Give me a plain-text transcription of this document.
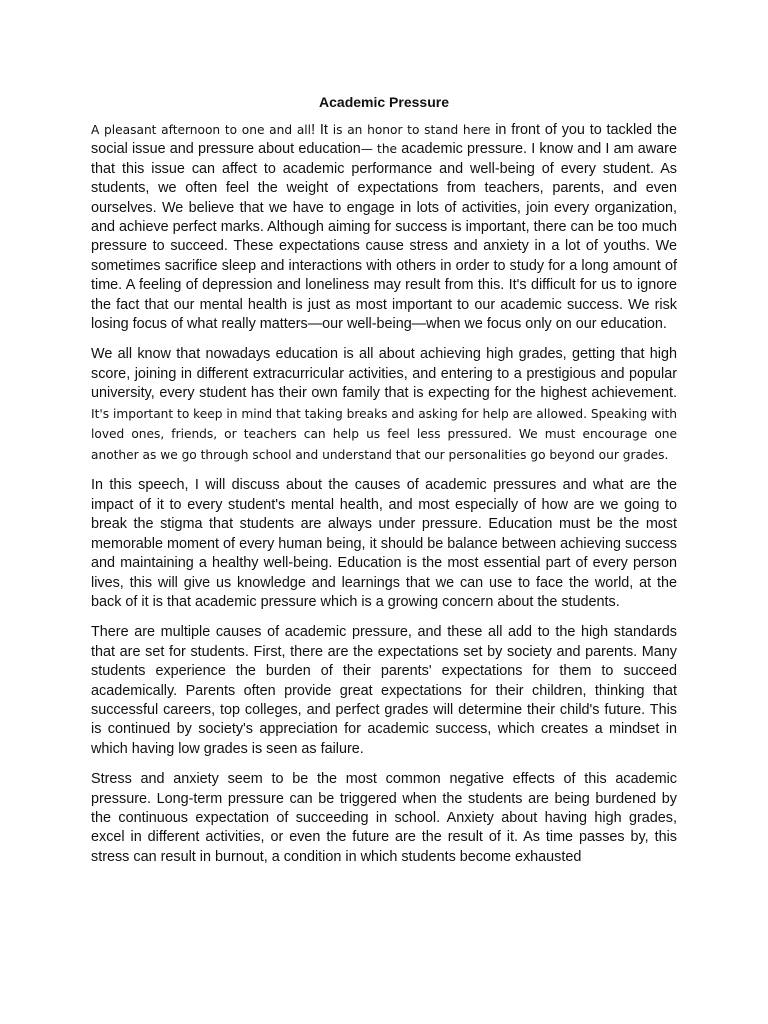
Academic Pressure

A pleasant afternoon to one and all! It is an honor to stand here in front of you to tackled the social issue and pressure about education— the academic pressure. I know and I am aware that this issue can affect to academic performance and well-being of every student. As students, we often feel the weight of expectations from teachers, parents, and even ourselves. We believe that we have to engage in lots of activities, join every organization, and achieve perfect marks. Although aiming for success is important, there can be too much pressure to succeed. These expectations cause stress and anxiety in a lot of youths. We sometimes sacrifice sleep and interactions with others in order to study for a long amount of time. A feeling of depression and loneliness may result from this. It's difficult for us to ignore the fact that our mental health is just as most important to our academic success. We risk losing focus of what really matters—our well-being—when we focus only on our education.

We all know that nowadays education is all about achieving high grades, getting that high score, joining in different extracurricular activities, and entering to a prestigious and popular university, every student has their own family that is expecting for the highest achievement. It's important to keep in mind that taking breaks and asking for help are allowed. Speaking with loved ones, friends, or teachers can help us feel less pressured. We must encourage one another as we go through school and understand that our personalities go beyond our grades.

In this speech, I will discuss about the causes of academic pressures and what are the impact of it to every student's mental health, and most especially of how are we going to break the stigma that students are always under pressure. Education must be the most memorable moment of every human being, it should be balance between achieving success and maintaining a healthy well-being. Education is the most essential part of every person lives, this will give us knowledge and learnings that we can use to face the world, at the back of it is that academic pressure which is a growing concern about the students.

There are multiple causes of academic pressure, and these all add to the high standards that are set for students. First, there are the expectations set by society and parents. Many students experience the burden of their parents' expectations for them to succeed academically. Parents often provide great expectations for their children, thinking that successful careers, top colleges, and perfect grades will determine their child's future. This is continued by society's appreciation for academic success, which creates a mindset in which having low grades is seen as failure.

Stress and anxiety seem to be the most common negative effects of this academic pressure. Long-term pressure can be triggered when the students are being burdened by the continuous expectation of succeeding in school. Anxiety about having high grades, excel in different activities, or even the future are the result of it. As time passes by, this stress can result in burnout, a condition in which students become exhausted
